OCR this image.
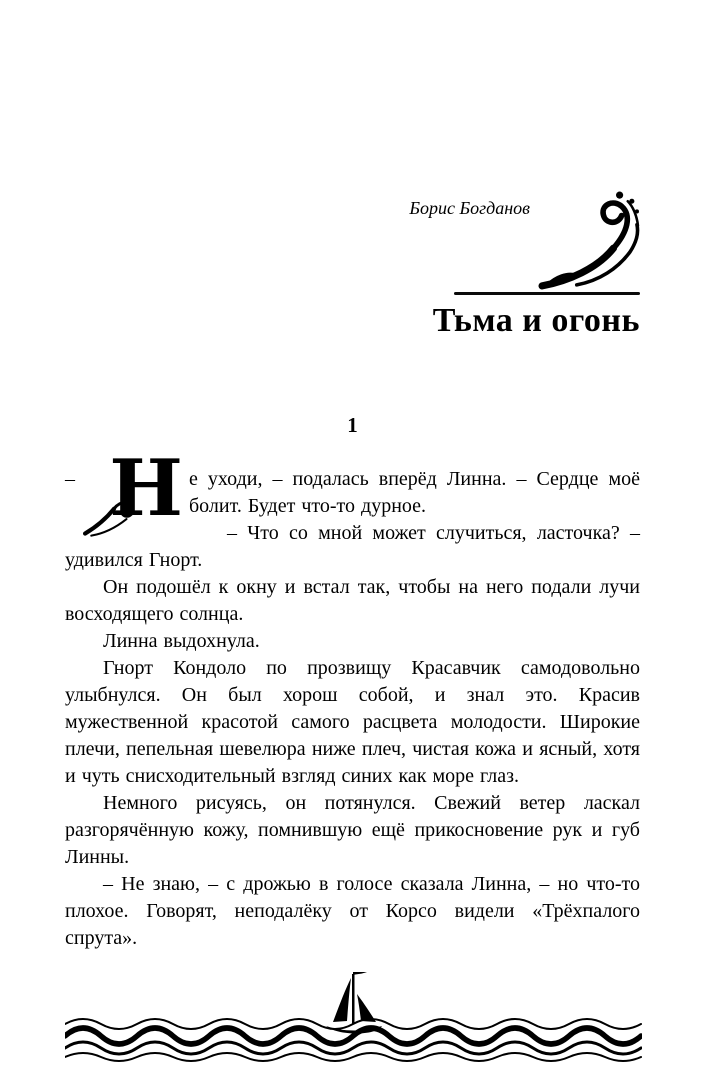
Борис Богданов
Тьма и огонь
1

– Н е уходи, – подалась вперёд Линна. – Сердце моё болит. Будет что-то дурное.

– Что со мной может случиться, ласточка? – удивился Гнорт.

Он подошёл к окну и встал так, чтобы на него подали лучи восходящего солнца.

Линна выдохнула.

Гнорт Кондоло по прозвищу Красавчик самодовольно улыбнулся. Он был хорош собой, и знал это. Красив мужественной красотой самого расцвета молодости. Широкие плечи, пепельная шевелюра ниже плеч, чистая кожа и ясный, хотя и чуть снисходительный взгляд синих как море глаз.

Немного рисуясь, он потянулся. Свежий ветер ласкал разгорячённую кожу, помнившую ещё прикосновение рук и губ Линны.

– Не знаю, – с дрожью в голосе сказала Линна, – но что-то плохое. Говорят, неподалёку от Корсо видели «Трёхпалого спрута».
